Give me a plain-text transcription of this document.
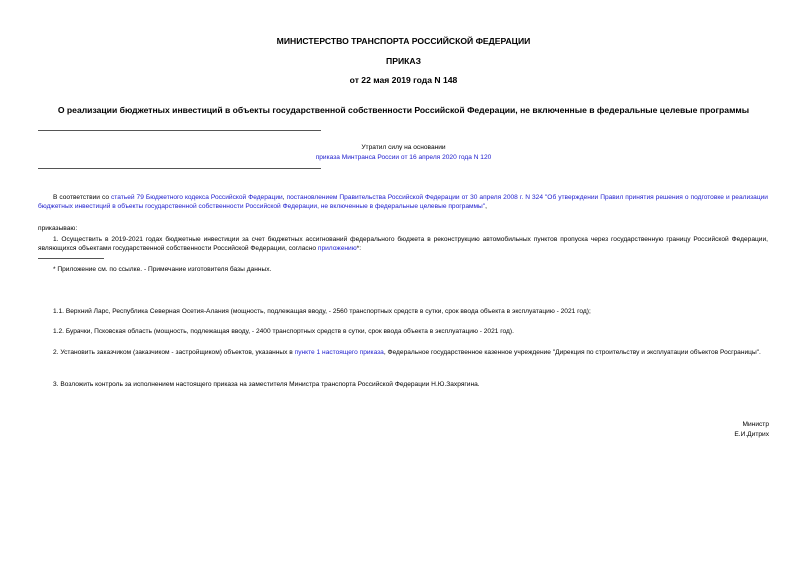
МИНИСТЕРСТВО ТРАНСПОРТА РОССИЙСКОЙ ФЕДЕРАЦИИ
ПРИКАЗ
от 22 мая 2019 года N 148
О реализации бюджетных инвестиций в объекты государственной собственности Российской Федерации, не включенные в федеральные целевые программы
Утратил силу на основании
приказа Минтранса России от 16 апреля 2020 года N 120
В соответствии со статьей 79 Бюджетного кодекса Российской Федерации, постановлением Правительства Российской Федерации от 30 апреля 2008 г. N 324 "Об утверждении Правил принятия решения о подготовке и реализации бюджетных инвестиций в объекты государственной собственности Российской Федерации, не включенные в федеральные целевые программы",
приказываю:
1. Осуществить в 2019-2021 годах бюджетные инвестиции за счет бюджетных ассигнований федерального бюджета в реконструкцию автомобильных пунктов пропуска через государственную границу Российской Федерации, являющихся объектами государственной собственности Российской Федерации, согласно приложению*:
* Приложение см. по ссылке. - Примечание изготовителя базы данных.
1.1. Верхний Ларс, Республика Северная Осетия-Алания (мощность, подлежащая вводу, - 2560 транспортных средств в сутки, срок ввода объекта в эксплуатацию - 2021 год);
1.2. Бурачки, Псковская область (мощность, подлежащая вводу, - 2400 транспортных средств в сутки, срок ввода объекта в эксплуатацию - 2021 год).
2. Установить заказчиком (заказчиком - застройщиком) объектов, указанных в пункте 1 настоящего приказа, Федеральное государственное казенное учреждение "Дирекция по строительству и эксплуатации объектов Росграницы".
3. Возложить контроль за исполнением настоящего приказа на заместителя Министра транспорта Российской Федерации Н.Ю.Захрягина.
Министр
Е.И.Дитрих
